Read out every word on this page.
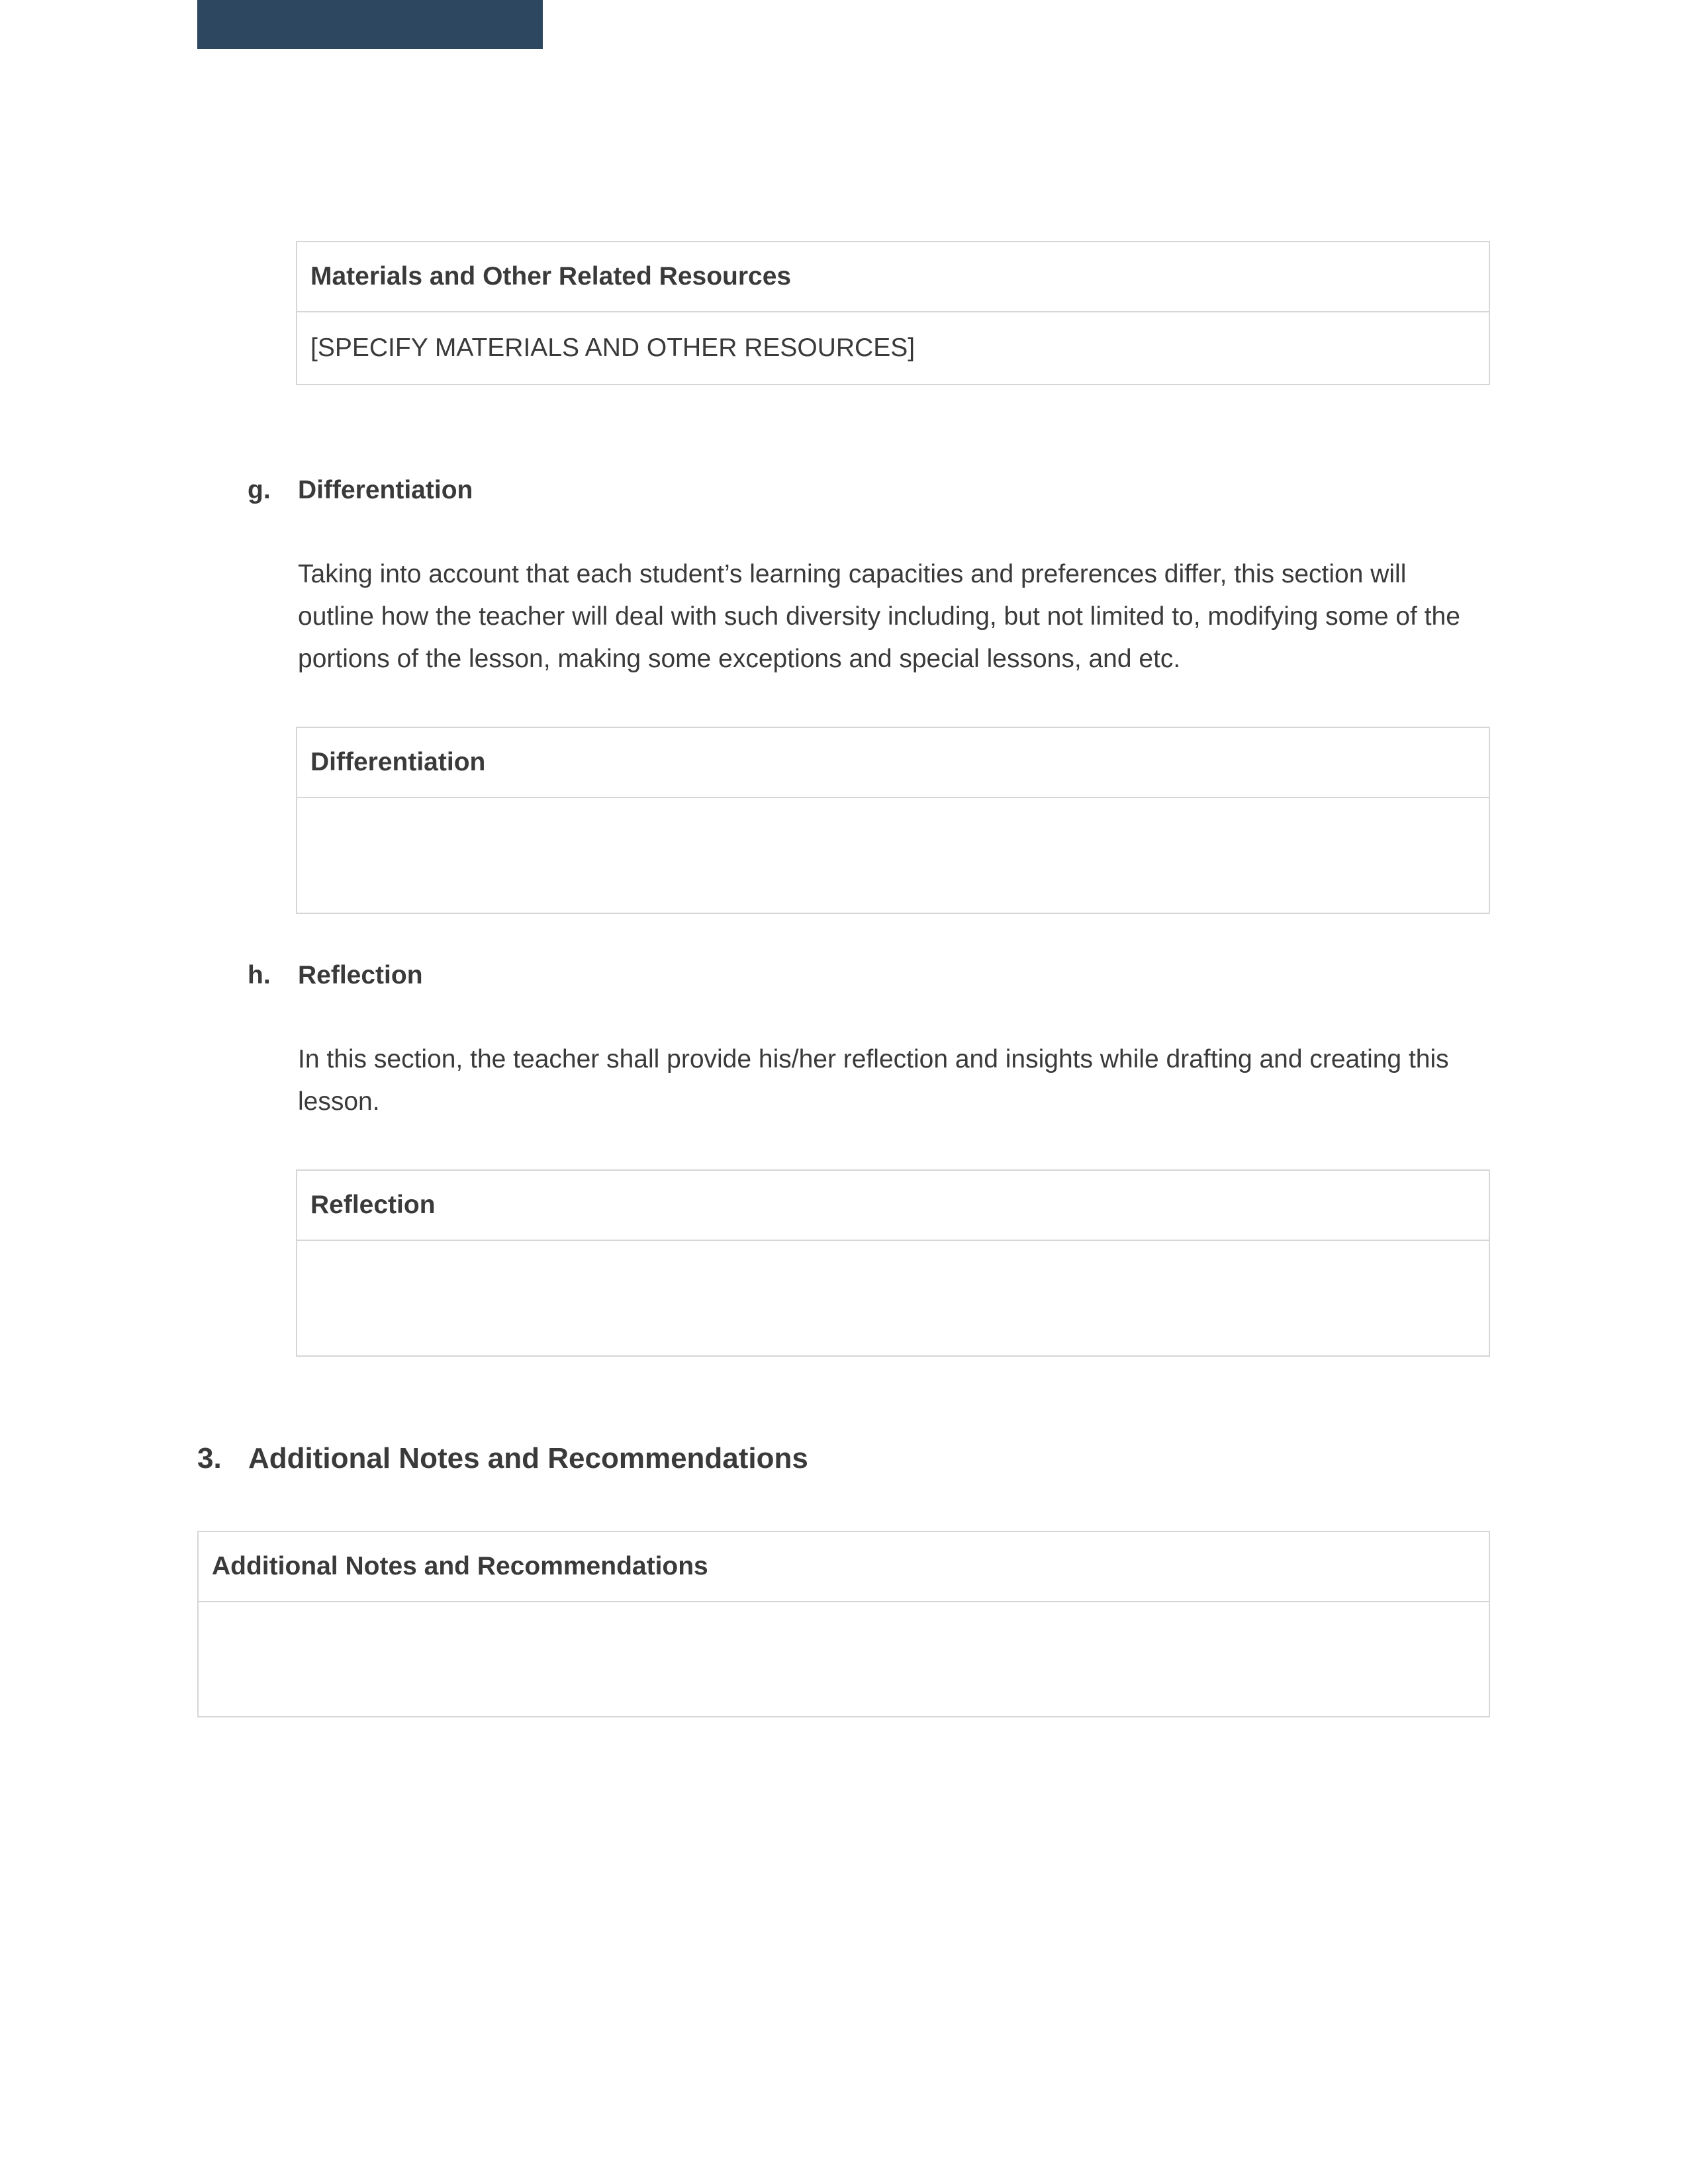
Materials and Other Related Resources
[SPECIFY MATERIALS AND OTHER RESOURCES]
g. Differentiation
Taking into account that each student’s learning capacities and preferences differ, this section will outline how the teacher will deal with such diversity including, but not limited to, modifying some of the portions of the lesson, making some exceptions and special lessons, and etc.
Differentiation
h. Reflection
In this section, the teacher shall provide his/her reflection and insights while drafting and creating this lesson.
Reflection
3. Additional Notes and Recommendations
Additional Notes and Recommendations
